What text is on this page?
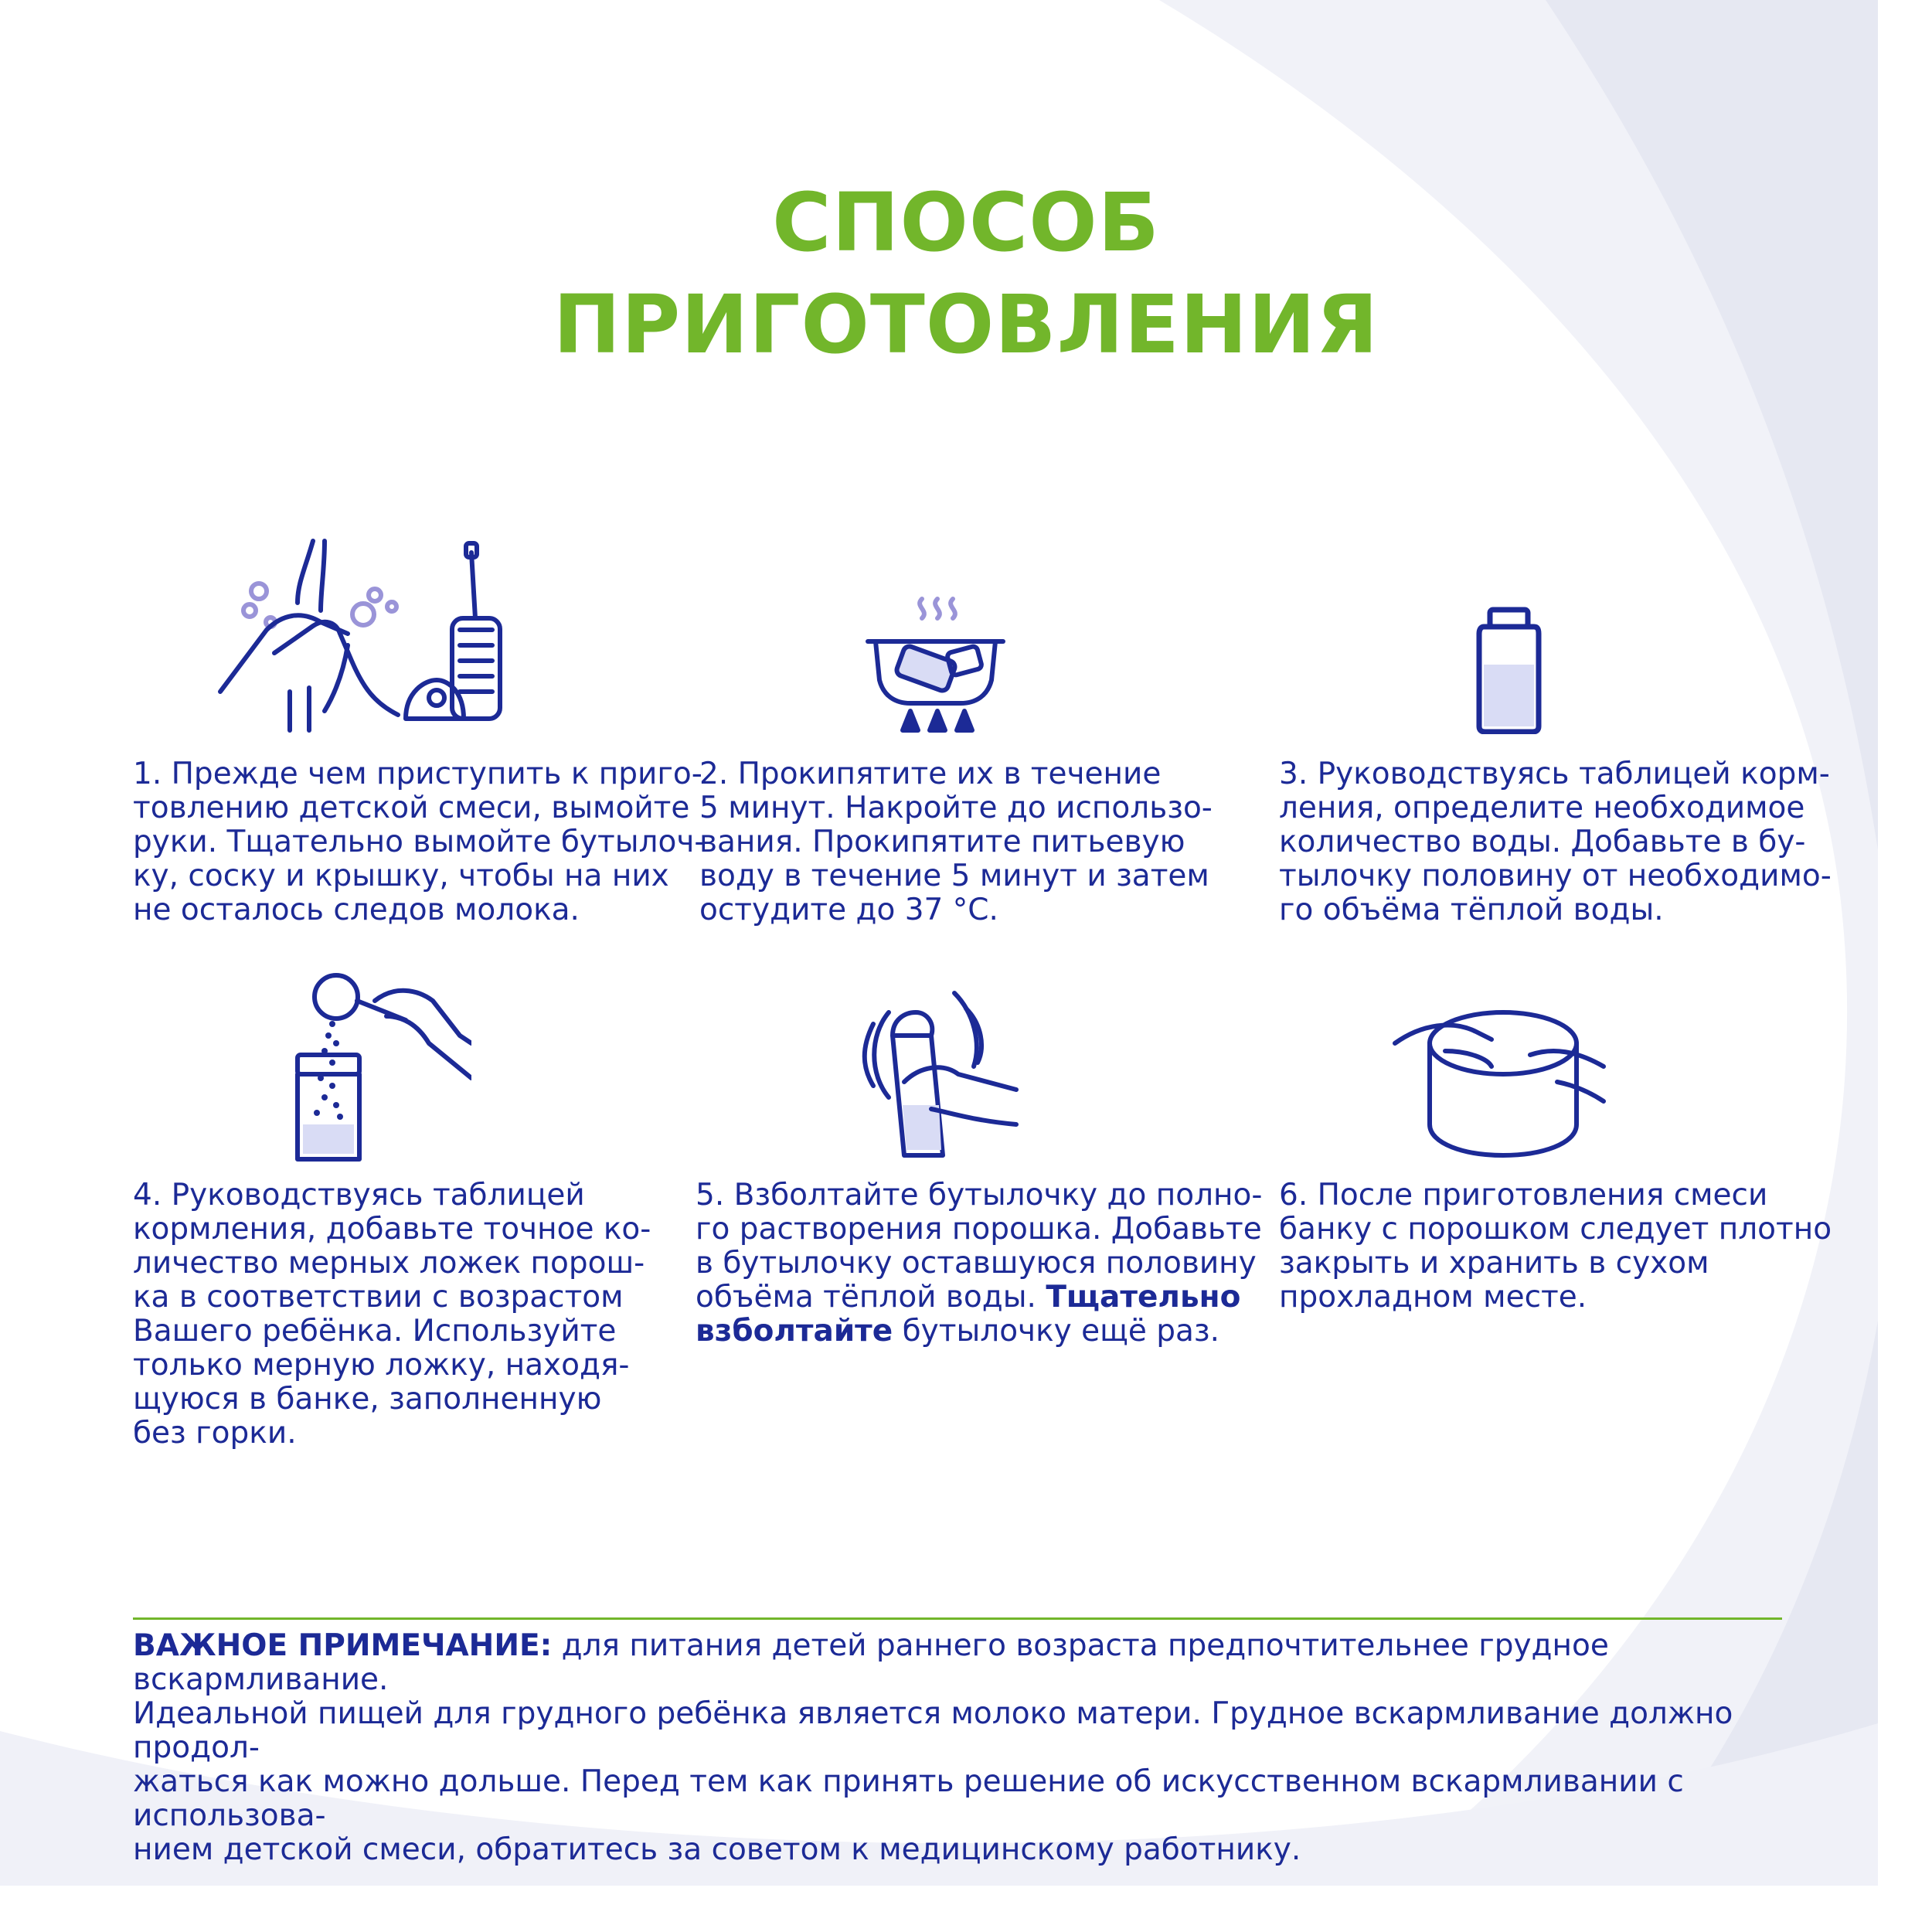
СПОСОБ
ПРИГОТОВЛЕНИЯ
1. Прежде чем приступить к приго-
товлению детской смеси, вымойте
руки. Тщательно вымойте бутылоч-
ку, соску и крышку, чтобы на них
не осталось следов молока.
2. Прокипятите их в течение
5 минут. Накройте до использо-
вания. Прокипятите питьевую
воду в течение 5 минут и затем
остудите до 37 °С.
3. Руководствуясь таблицей корм-
ления, определите необходимое
количество воды. Добавьте в бу-
тылочку половину от необходимо-
го объёма тёплой воды.
4. Руководствуясь таблицей
кормления, добавьте точное ко-
личество мерных ложек порош-
ка в соответствии с возрастом
Вашего ребёнка. Используйте
только мерную ложку, находя-
щуюся в банке, заполненную
без горки.
5. Взболтайте бутылочку до полно-
го растворения порошка. Добавьте
в бутылочку оставшуюся половину
объёма тёплой воды. Тщательно
взболтайте бутылочку ещё раз.
6. После приготовления смеси
банку с порошком следует плотно
закрыть и хранить в сухом
прохладном месте.
ВАЖНОЕ ПРИМЕЧАНИЕ: для питания детей раннего возраста предпочтительнее грудное вскармливание.
Идеальной пищей для грудного ребёнка является молоко матери. Грудное вскармливание должно продол-
жаться как можно дольше. Перед тем как принять решение об искусственном вскармливании с использова-
нием детской смеси, обратитесь за советом к медицинскому работнику.
